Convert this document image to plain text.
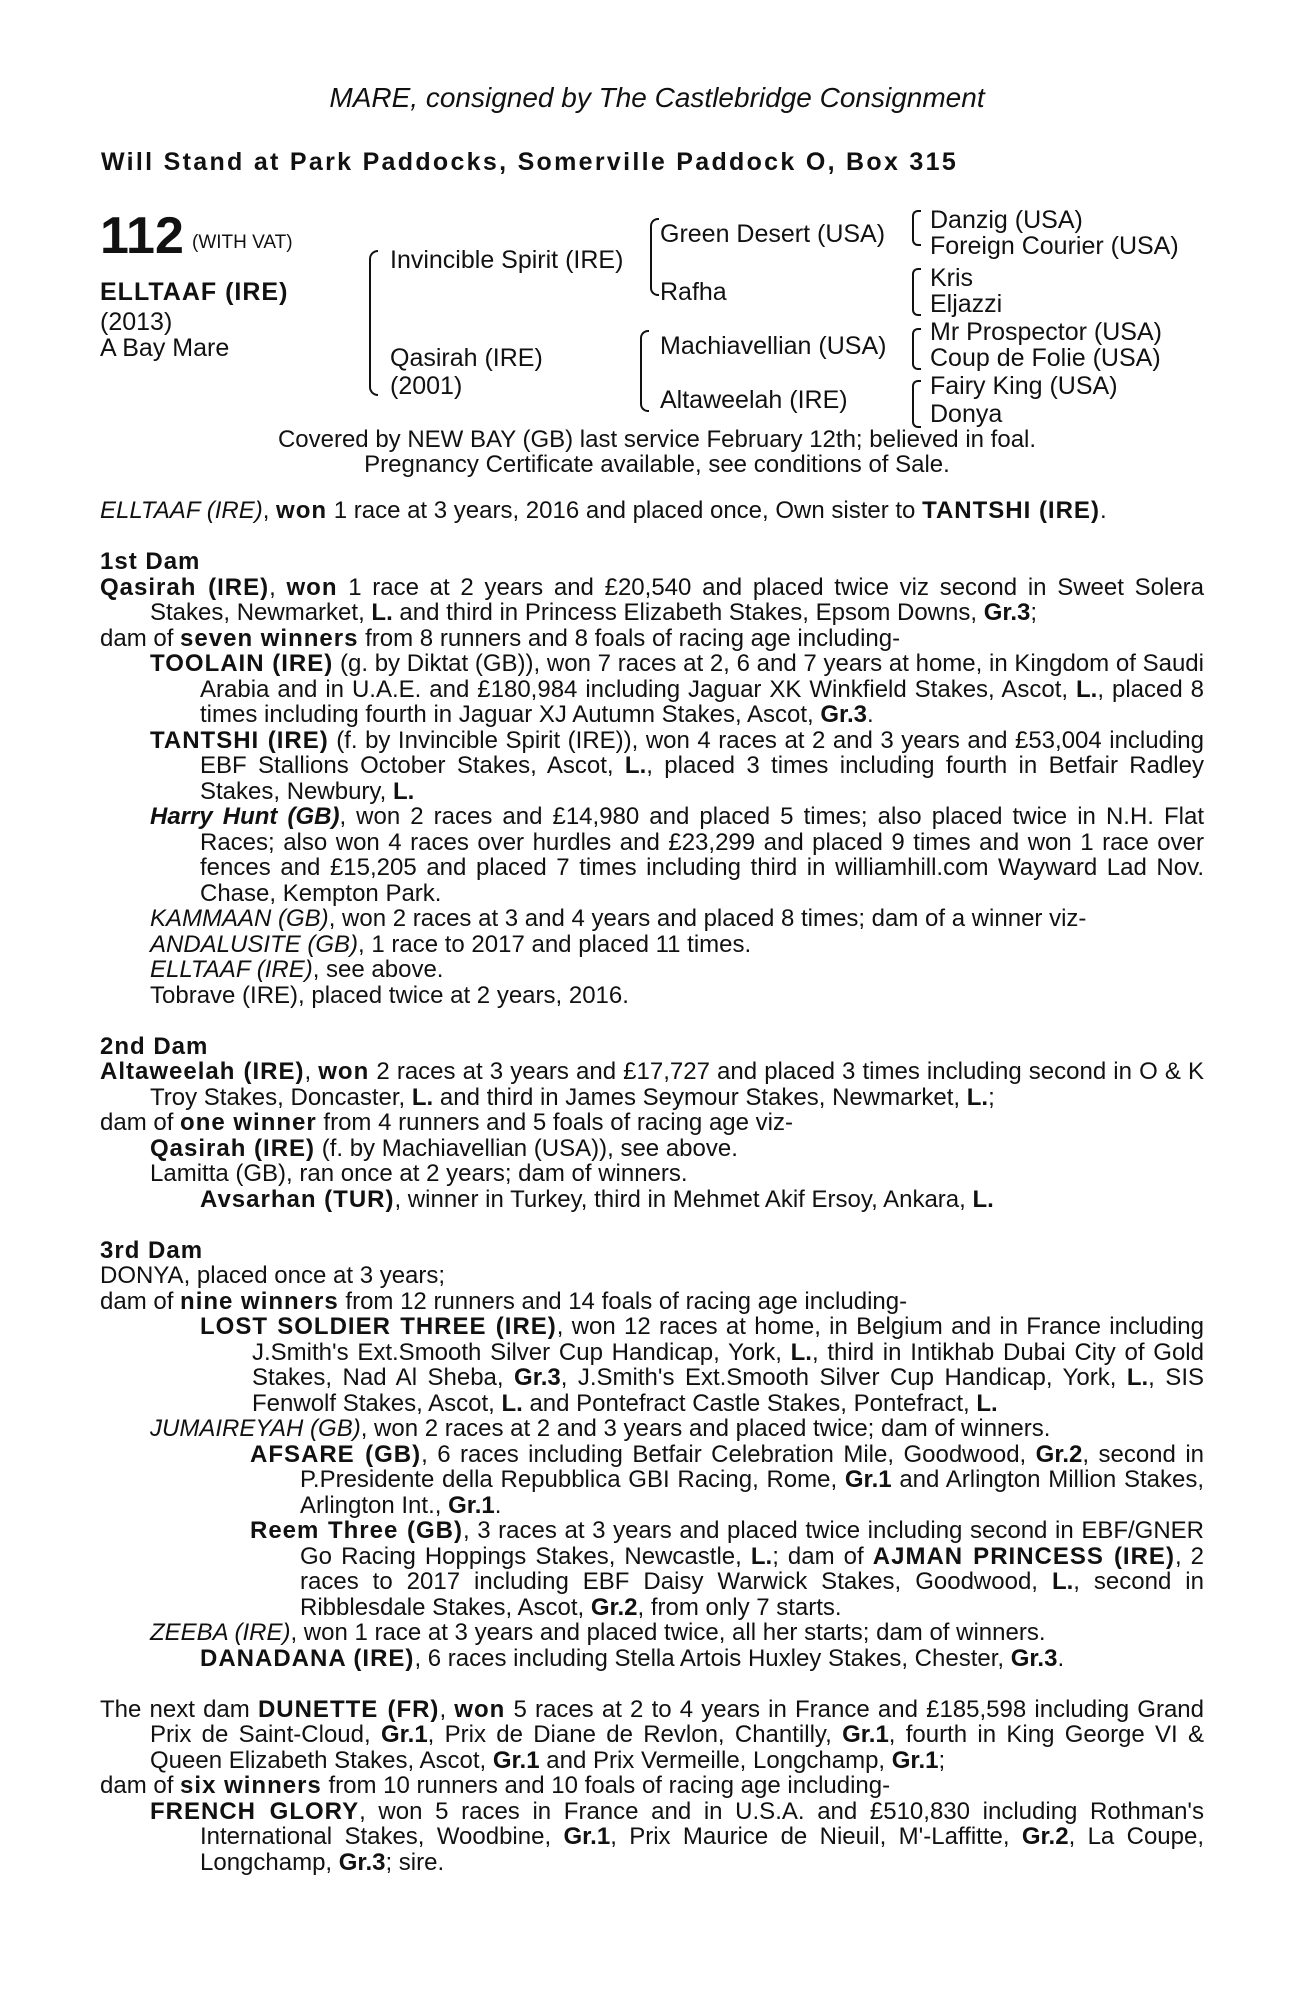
MARE, consigned by The Castlebridge Consignment
Will Stand at Park Paddocks, Somerville Paddock O, Box 315
112 (WITH VAT)
ELLTAAF (IRE)
(2013)
A Bay Mare
Invincible Spirit (IRE)
Qasirah (IRE)
(2001)
Green Desert (USA)
Rafha
Machiavellian (USA)
Altaweelah (IRE)
Danzig (USA)
Foreign Courier (USA)
Kris
Eljazzi
Mr Prospector (USA)
Coup de Folie (USA)
Fairy King (USA)
Donya
Covered by NEW BAY (GB) last service February 12th; believed in foal.
Pregnancy Certificate available, see conditions of Sale.

ELLTAAF (IRE), won 1 race at 3 years, 2016 and placed once, Own sister to TANTSHI (IRE).

1st Dam

Qasirah (IRE), won 1 race at 2 years and £20,540 and placed twice viz second in Sweet Solera Stakes, Newmarket, L. and third in Princess Elizabeth Stakes, Epsom Downs, Gr.3;

dam of seven winners from 8 runners and 8 foals of racing age including-

TOOLAIN (IRE) (g. by Diktat (GB)), won 7 races at 2, 6 and 7 years at home, in Kingdom of Saudi Arabia and in U.A.E. and £180,984 including Jaguar XK Winkfield Stakes, Ascot, L., placed 8 times including fourth in Jaguar XJ Autumn Stakes, Ascot, Gr.3.

TANTSHI (IRE) (f. by Invincible Spirit (IRE)), won 4 races at 2 and 3 years and £53,004 including EBF Stallions October Stakes, Ascot, L., placed 3 times including fourth in Betfair Radley Stakes, Newbury, L.

Harry Hunt (GB), won 2 races and £14,980 and placed 5 times; also placed twice in N.H. Flat Races; also won 4 races over hurdles and £23,299 and placed 9 times and won 1 race over fences and £15,205 and placed 7 times including third in williamhill.com Wayward Lad Nov. Chase, Kempton Park.

KAMMAAN (GB), won 2 races at 3 and 4 years and placed 8 times; dam of a winner viz-

ANDALUSITE (GB), 1 race to 2017 and placed 11 times.

ELLTAAF (IRE), see above.

Tobrave (IRE), placed twice at 2 years, 2016.

2nd Dam

Altaweelah (IRE), won 2 races at 3 years and £17,727 and placed 3 times including second in O & K Troy Stakes, Doncaster, L. and third in James Seymour Stakes, Newmarket, L.;

dam of one winner from 4 runners and 5 foals of racing age viz-

Qasirah (IRE) (f. by Machiavellian (USA)), see above.

Lamitta (GB), ran once at 2 years; dam of winners.

Avsarhan (TUR), winner in Turkey, third in Mehmet Akif Ersoy, Ankara, L.

3rd Dam

DONYA, placed once at 3 years;

dam of nine winners from 12 runners and 14 foals of racing age including-

LOST SOLDIER THREE (IRE), won 12 races at home, in Belgium and in France including J.Smith's Ext.Smooth Silver Cup Handicap, York, L., third in Intikhab Dubai City of Gold Stakes, Nad Al Sheba, Gr.3, J.Smith's Ext.Smooth Silver Cup Handicap, York, L., SIS Fenwolf Stakes, Ascot, L. and Pontefract Castle Stakes, Pontefract, L.

JUMAIREYAH (GB), won 2 races at 2 and 3 years and placed twice; dam of winners.

AFSARE (GB), 6 races including Betfair Celebration Mile, Goodwood, Gr.2, second in P.Presidente della Repubblica GBI Racing, Rome, Gr.1 and Arlington Million Stakes, Arlington Int., Gr.1.

Reem Three (GB), 3 races at 3 years and placed twice including second in EBF/GNER Go Racing Hoppings Stakes, Newcastle, L.; dam of AJMAN PRINCESS (IRE), 2 races to 2017 including EBF Daisy Warwick Stakes, Goodwood, L., second in Ribblesdale Stakes, Ascot, Gr.2, from only 7 starts.

ZEEBA (IRE), won 1 race at 3 years and placed twice, all her starts; dam of winners.

DANADANA (IRE), 6 races including Stella Artois Huxley Stakes, Chester, Gr.3.

The next dam DUNETTE (FR), won 5 races at 2 to 4 years in France and £185,598 including Grand Prix de Saint-Cloud, Gr.1, Prix de Diane de Revlon, Chantilly, Gr.1, fourth in King George VI & Queen Elizabeth Stakes, Ascot, Gr.1 and Prix Vermeille, Longchamp, Gr.1;

dam of six winners from 10 runners and 10 foals of racing age including-

FRENCH GLORY, won 5 races in France and in U.S.A. and £510,830 including Rothman's International Stakes, Woodbine, Gr.1, Prix Maurice de Nieuil, M'-Laffitte, Gr.2, La Coupe, Longchamp, Gr.3; sire.
